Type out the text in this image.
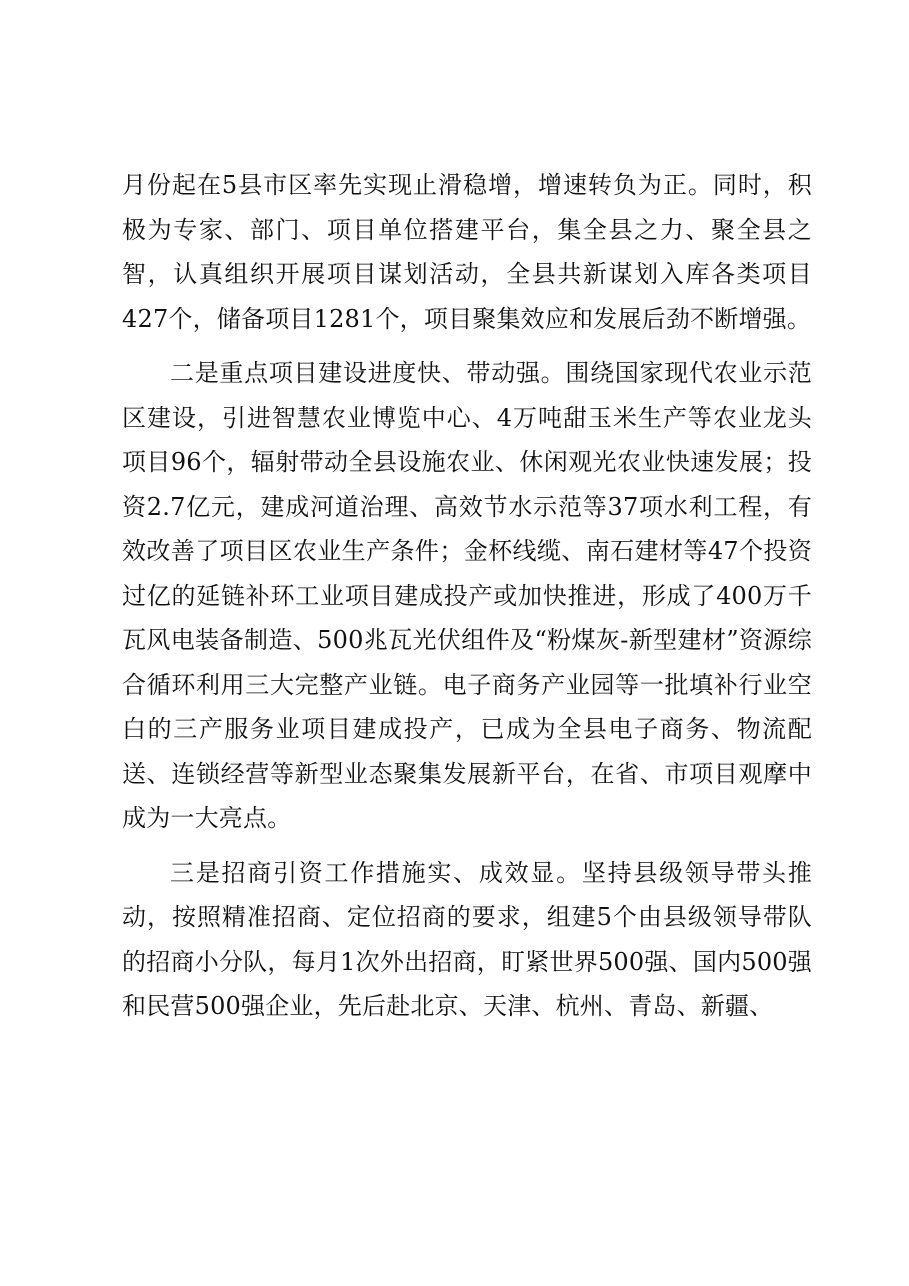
月份起在5县市区率先实现止滑稳增，增速转负为正。同时，积极为专家、部门、项目单位搭建平台，集全县之力、聚全县之智，认真组织开展项目谋划活动，全县共新谋划入库各类项目427个，储备项目1281个，项目聚集效应和发展后劲不断增强。

二是重点项目建设进度快、带动强。围绕国家现代农业示范区建设，引进智慧农业博览中心、4万吨甜玉米生产等农业龙头项目96个，辐射带动全县设施农业、休闲观光农业快速发展；投资2.7亿元，建成河道治理、高效节水示范等37项水利工程，有效改善了项目区农业生产条件；金杯线缆、南石建材等47个投资过亿的延链补环工业项目建成投产或加快推进，形成了400万千瓦风电装备制造、500兆瓦光伏组件及“粉煤灰-新型建材”资源综合循环利用三大完整产业链。电子商务产业园等一批填补行业空白的三产服务业项目建成投产，已成为全县电子商务、物流配送、连锁经营等新型业态聚集发展新平台，在省、市项目观摩中成为一大亮点。

三是招商引资工作措施实、成效显。坚持县级领导带头推动，按照精准招商、定位招商的要求，组建5个由县级领导带队的招商小分队，每月1次外出招商，盯紧世界500强、国内500强和民营500强企业，先后赴北京、天津、杭州、青岛、新疆、
